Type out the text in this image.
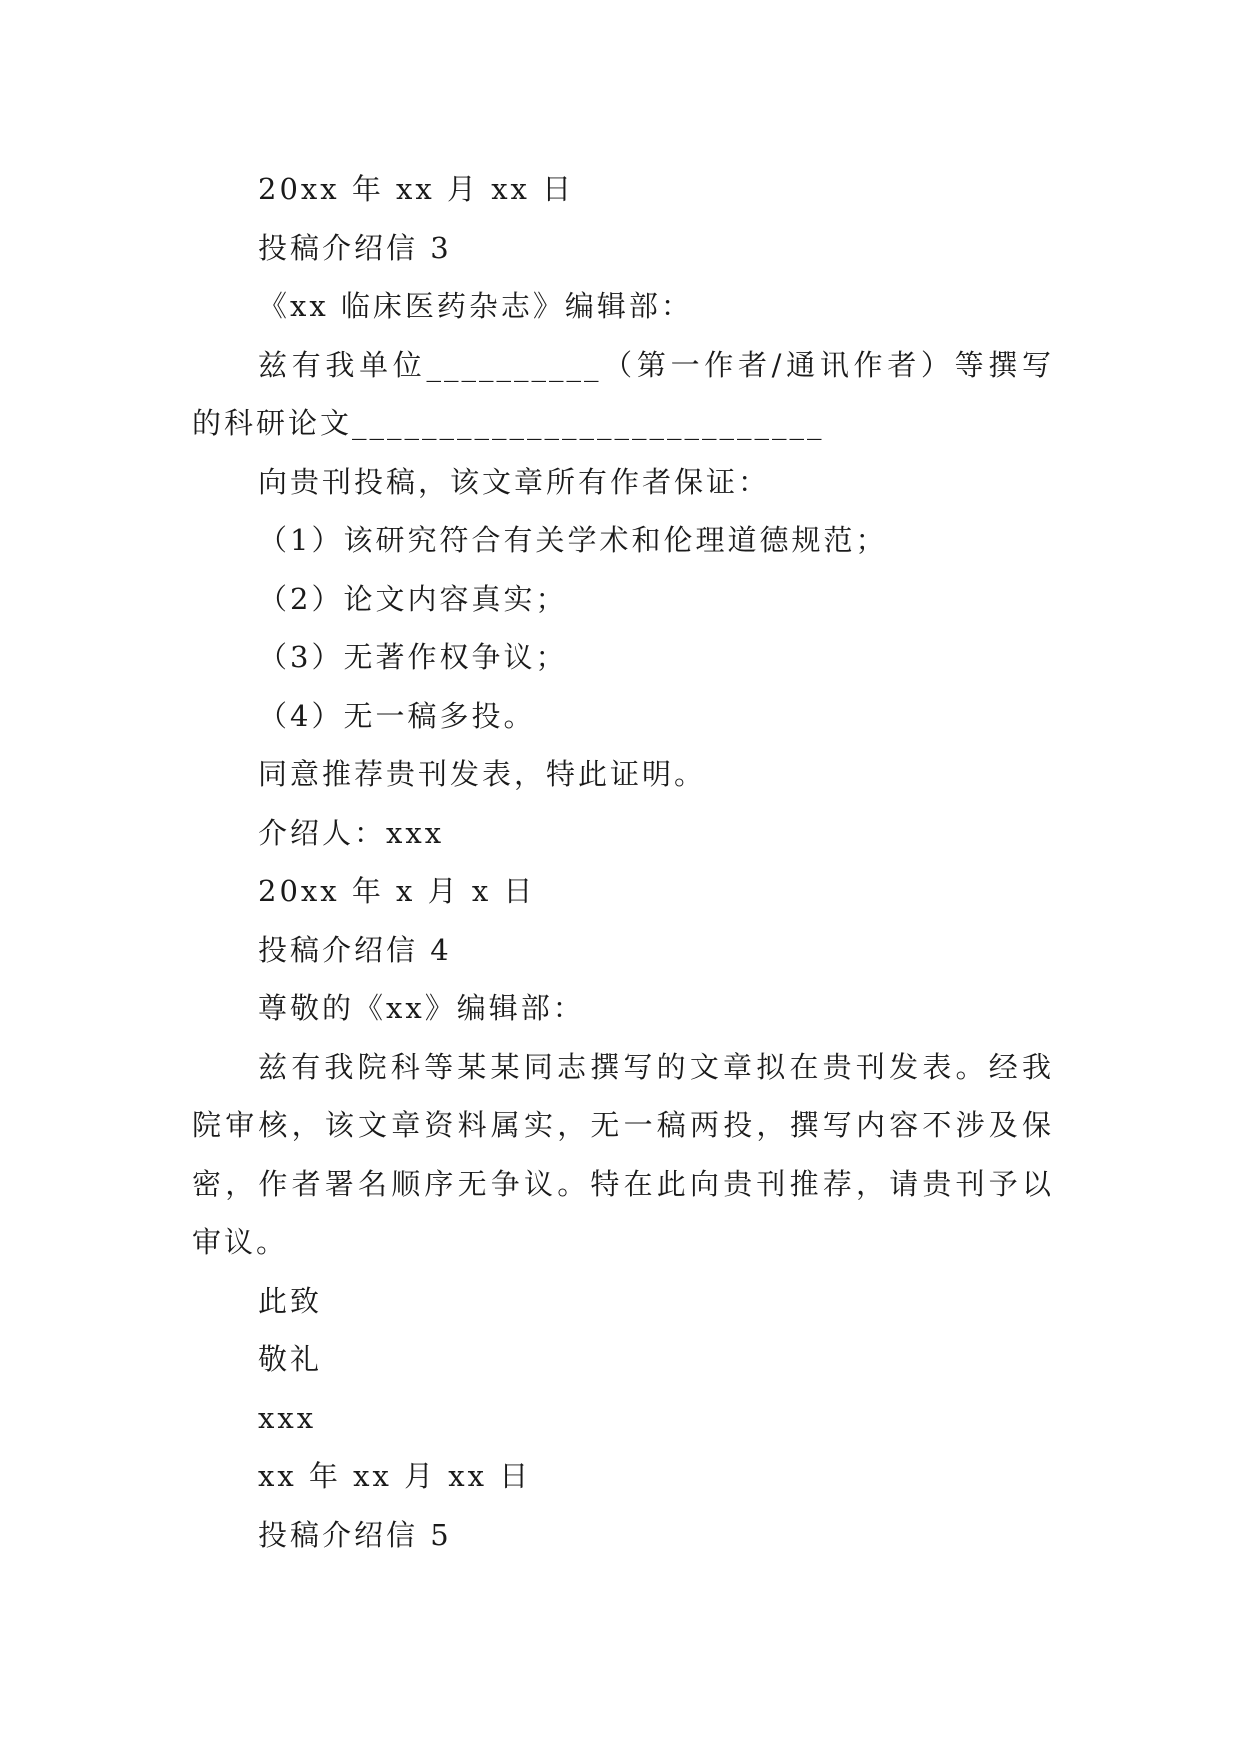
20xx 年 xx 月 xx 日
投稿介绍信 3
《xx 临床医药杂志》编辑部：
兹有我单位__________（第一作者/通讯作者）等撰写
的科研论文___________________________
向贵刊投稿，该文章所有作者保证：
（1）该研究符合有关学术和伦理道德规范；
（2）论文内容真实；
（3）无著作权争议；
（4）无一稿多投。
同意推荐贵刊发表，特此证明。
介绍人：xxx
20xx 年 x 月 x 日
投稿介绍信 4
尊敬的《xx》编辑部：
兹有我院科等某某同志撰写的文章拟在贵刊发表。经我院审核，该文章资料属实，无一稿两投，撰写内容不涉及保密，作者署名顺序无争议。特在此向贵刊推荐，请贵刊予以审议。
此致
敬礼
xxx
xx 年 xx 月 xx 日
投稿介绍信 5
